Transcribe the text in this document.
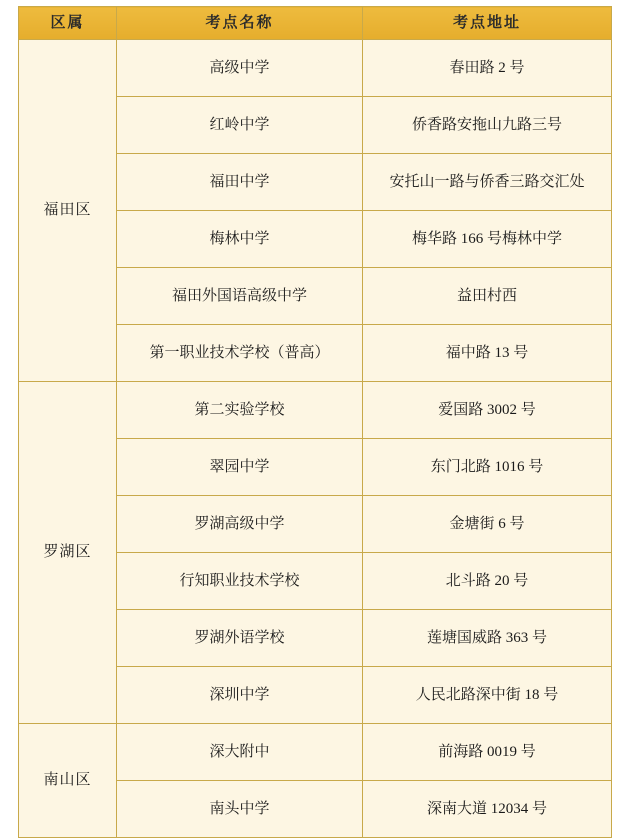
区属	考点名称	考点地址
福田区	高级中学	春田路 2 号
	红岭中学	侨香路安拖山九路三号
	福田中学	安托山一路与侨香三路交汇处
	梅林中学	梅华路 166 号梅林中学
	福田外国语高级中学	益田村西
	第一职业技术学校（普高）	福中路 13 号
罗湖区	第二实验学校	爱国路 3002 号
	翠园中学	东门北路 1016 号
	罗湖高级中学	金塘街 6 号
	行知职业技术学校	北斗路 20 号
	罗湖外语学校	莲塘国威路 363 号
	深圳中学	人民北路深中街 18 号
南山区	深大附中	前海路 0019 号
	南头中学	深南大道 12034 号
